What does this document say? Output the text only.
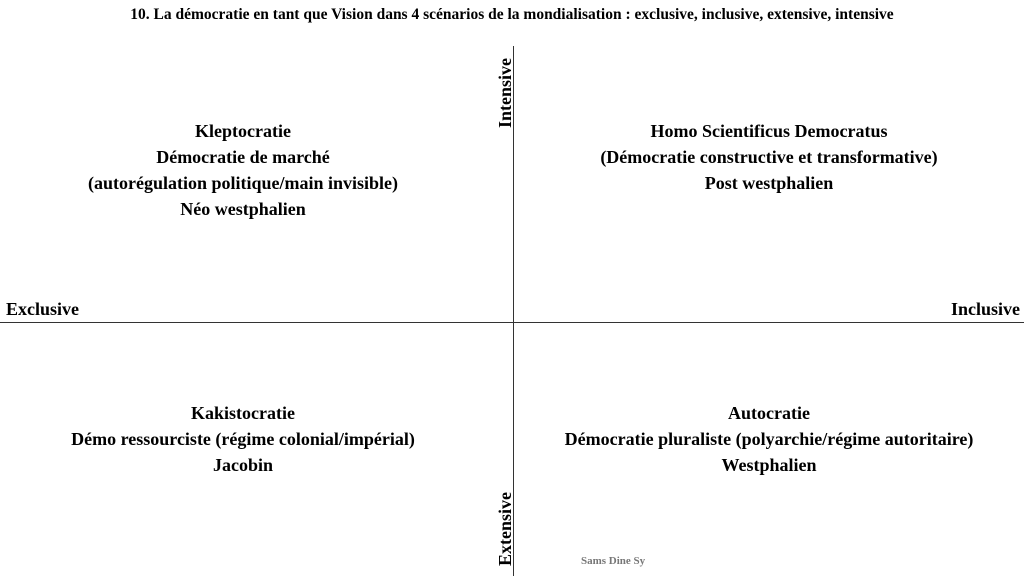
10. La démocratie en tant que Vision dans 4 scénarios de la mondialisation : exclusive, inclusive, extensive, intensive
Exclusive	Inclusive
Intensive
Extensive
Kleptocratie
Démocratie de marché
(autorégulation politique/main invisible)
Néo westphalien
Homo Scientificus Democratus
(Démocratie constructive et transformative)
Post westphalien
Kakistocratie
Démo ressourciste (régime colonial/impérial)
Jacobin
Autocratie
Démocratie pluraliste (polyarchie/régime autoritaire)
Westphalien
Sams Dine Sy
